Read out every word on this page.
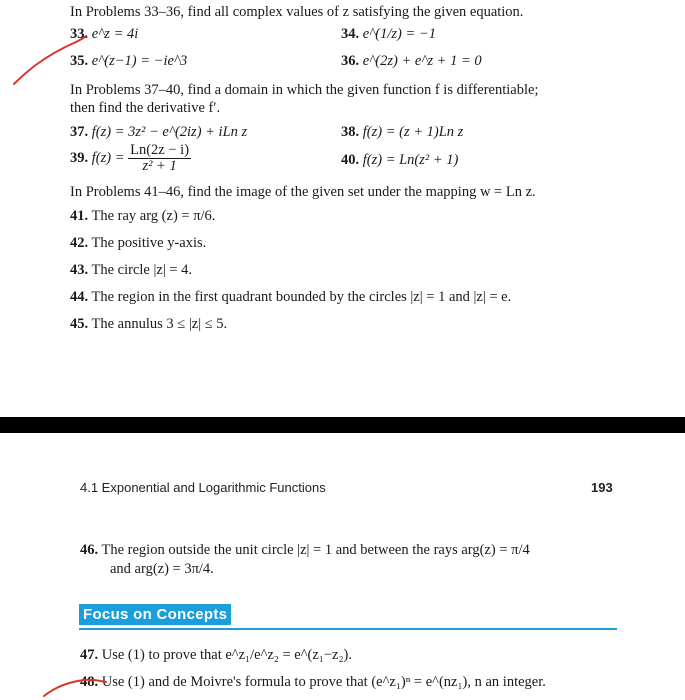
In Problems 33–36, find all complex values of z satisfying the given equation.
33. e^z = 4i	34. e^(1/z) = −1
35. e^(z−1) = −ie^3	36. e^(2z) + e^z + 1 = 0
In Problems 37–40, find a domain in which the given function f is differentiable;
then find the derivative f′.
37. f(z) = 3z² − e^(2iz) + iLn z	38. f(z) = (z + 1)Ln z
39. $f(z) = \frac{Ln(2z - i)}{\text{z² + 1}}$	40. f(z) = Ln(z² + 1)
In Problems 41–46, find the image of the given set under the mapping w = Ln z.
41. The ray arg (z) = π/6.
42. The positive y-axis.
43. The circle |z| = 4.
44. The region in the first quadrant bounded by the circles |z| = 1 and |z| = e.
45. The annulus 3 ≤ |z| ≤ 5.
4.1 Exponential and Logarithmic Functions	193
46. The region outside the unit circle |z| = 1 and between the rays arg(z) = π/4
and arg(z) = 3π/4.
Focus on Concepts
47. Use (1) to prove that e^z₁/e^z₂ = e^(z₁−z₂).
48. Use (1) and de Moivre's formula to prove that (e^z₁)ⁿ = e^(nz₁), n an integer.
